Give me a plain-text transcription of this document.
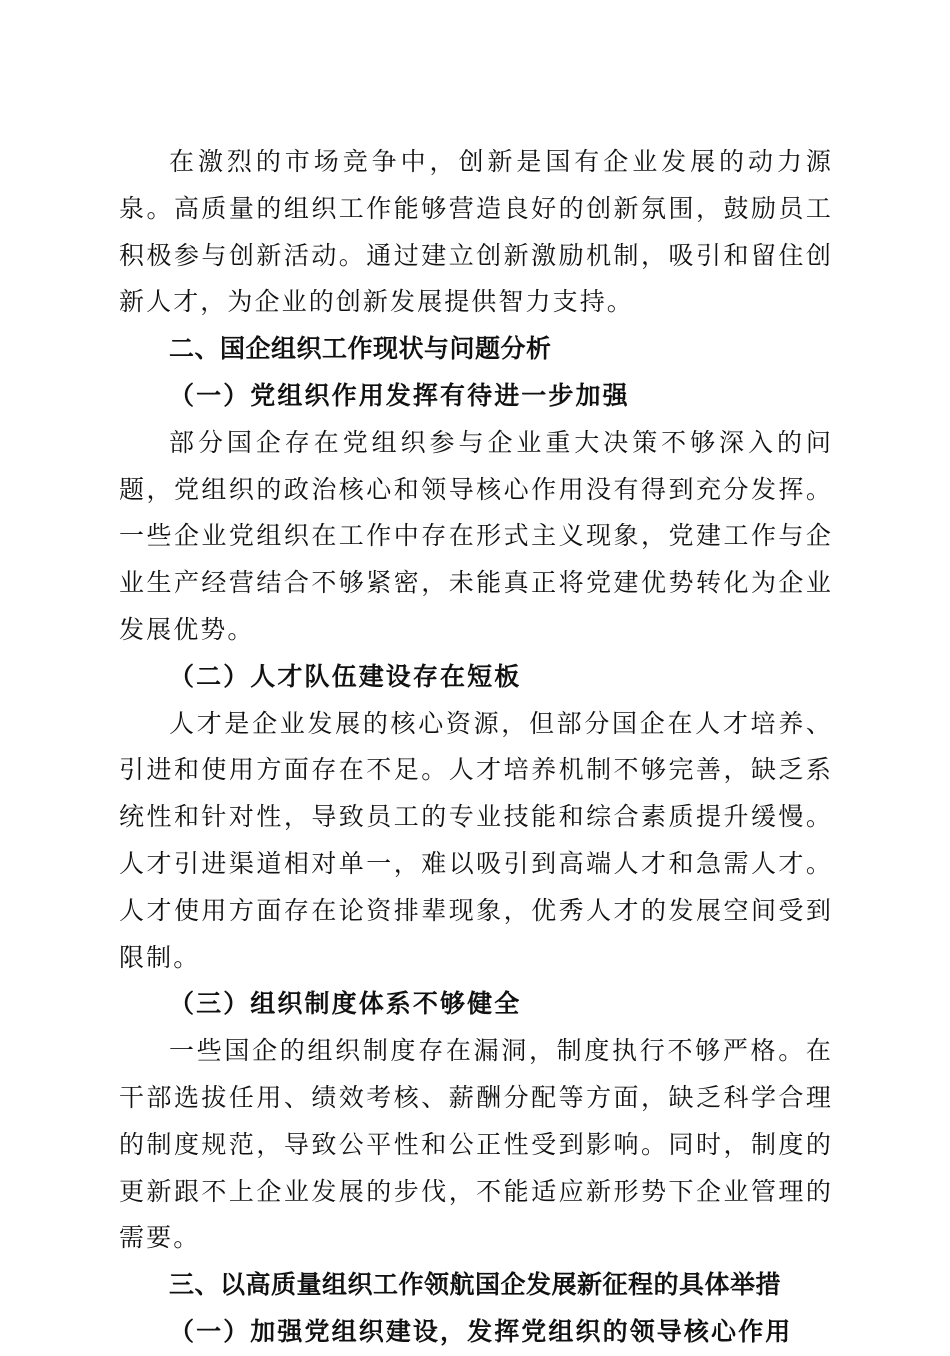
在激烈的市场竞争中，创新是国有企业发展的动力源泉。高质量的组织工作能够营造良好的创新氛围，鼓励员工积极参与创新活动。通过建立创新激励机制，吸引和留住创新人才，为企业的创新发展提供智力支持。

二、国企组织工作现状与问题分析

（一）党组织作用发挥有待进一步加强

部分国企存在党组织参与企业重大决策不够深入的问题，党组织的政治核心和领导核心作用没有得到充分发挥。一些企业党组织在工作中存在形式主义现象，党建工作与企业生产经营结合不够紧密，未能真正将党建优势转化为企业发展优势。

（二）人才队伍建设存在短板

人才是企业发展的核心资源，但部分国企在人才培养、引进和使用方面存在不足。人才培养机制不够完善，缺乏系统性和针对性，导致员工的专业技能和综合素质提升缓慢。人才引进渠道相对单一，难以吸引到高端人才和急需人才。人才使用方面存在论资排辈现象，优秀人才的发展空间受到限制。

（三）组织制度体系不够健全

一些国企的组织制度存在漏洞，制度执行不够严格。在干部选拔任用、绩效考核、薪酬分配等方面，缺乏科学合理的制度规范，导致公平性和公正性受到影响。同时，制度的更新跟不上企业发展的步伐，不能适应新形势下企业管理的需要。

三、以高质量组织工作领航国企发展新征程的具体举措

（一）加强党组织建设，发挥党组织的领导核心作用
